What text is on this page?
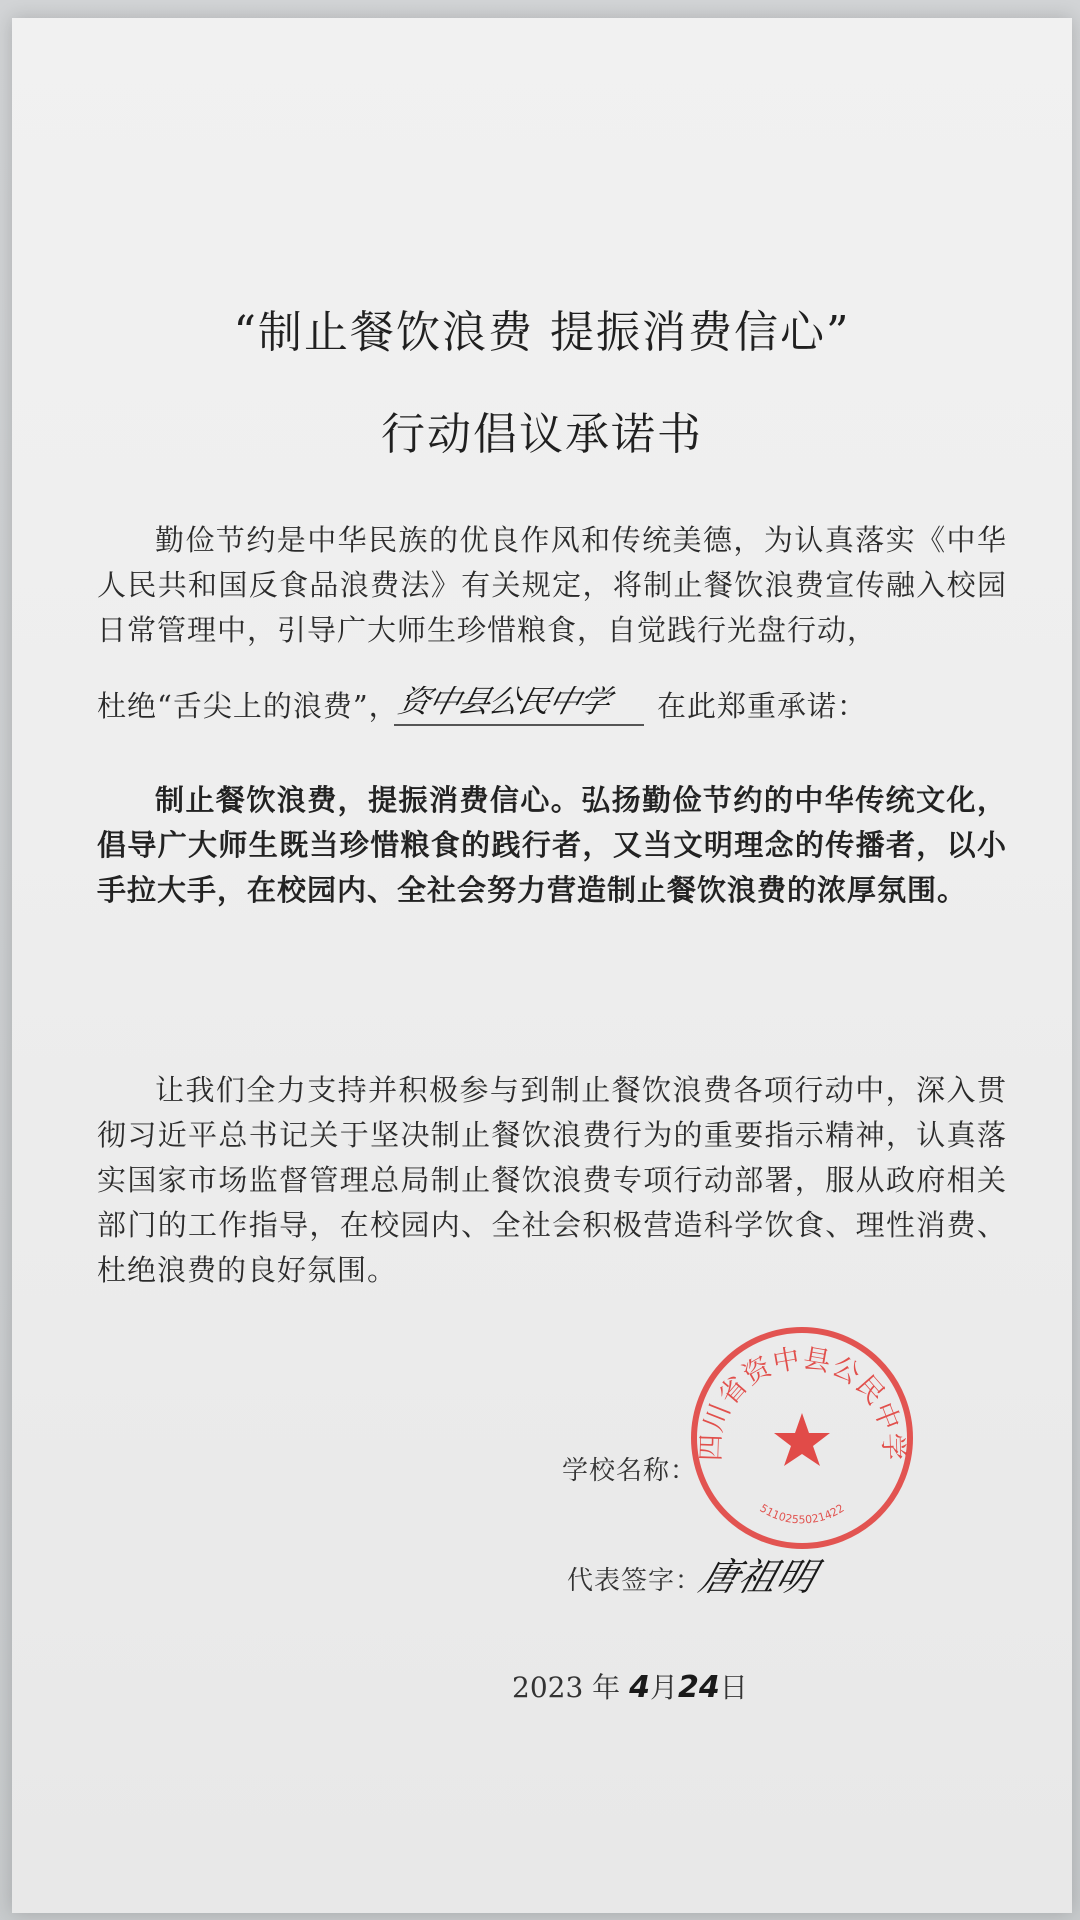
“制止餐饮浪费 提振消费信心”
行动倡议承诺书
勤俭节约是中华民族的优良作风和传统美德，为认真落实《中华人民共和国反食品浪费法》有关规定，将制止餐饮浪费宣传融入校园日常管理中，引导广大师生珍惜粮食，自觉践行光盘行动，
杜绝“舌尖上的浪费”，
资中县公民中学 在此郑重承诺：
制止餐饮浪费，提振消费信心。弘扬勤俭节约的中华传统文化，倡导广大师生既当珍惜粮食的践行者，又当文明理念的传播者，以小手拉大手，在校园内、全社会努力营造制止餐饮浪费的浓厚氛围。
让我们全力支持并积极参与到制止餐饮浪费各项行动中，深入贯彻习近平总书记关于坚决制止餐饮浪费行为的重要指示精神，认真落实国家市场监督管理总局制止餐饮浪费专项行动部署，服从政府相关部门的工作指导，在校园内、全社会积极营造科学饮食、理性消费、杜绝浪费的良好氛围。
学校名称：
四川省资中县公民中学
5110255021422
代表签字：
唐祖明
2023 年 4月24日
